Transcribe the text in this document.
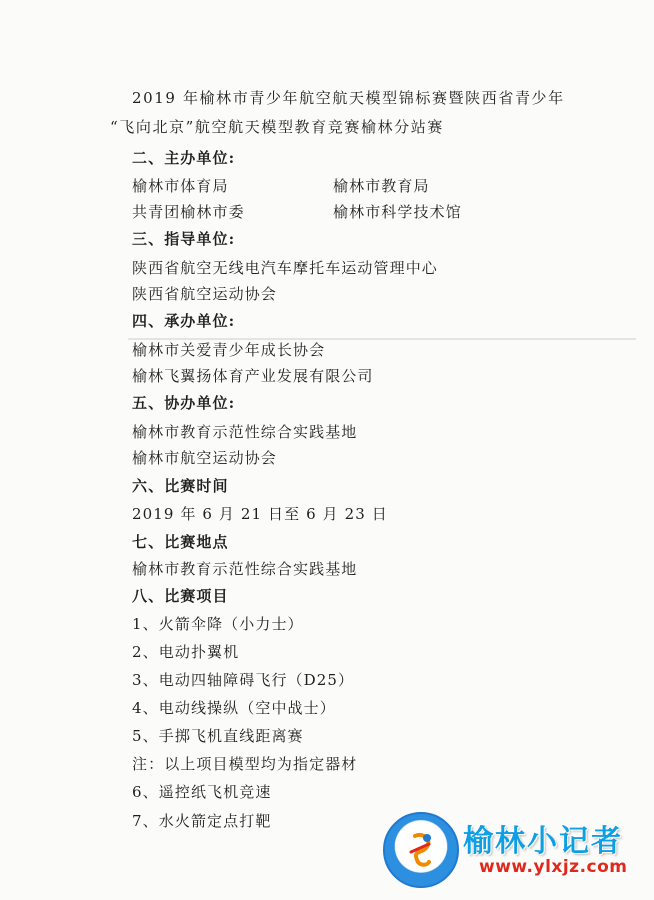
2019 年榆林市青少年航空航天模型锦标赛暨陕西省青少年
“飞向北京”航空航天模型教育竞赛榆林分站赛
二、主办单位:
榆林市体育局	榆林市教育局
共青团榆林市委	榆林市科学技术馆
三、指导单位:
陕西省航空无线电汽车摩托车运动管理中心
陕西省航空运动协会
四、承办单位:
榆林市关爱青少年成长协会
榆林飞翼扬体育产业发展有限公司
五、协办单位:
榆林市教育示范性综合实践基地
榆林市航空运动协会
六、比赛时间
2019 年 6 月 21 日至 6 月 23 日
七、比赛地点
榆林市教育示范性综合实践基地
八、比赛项目
1、火箭伞降（小力士）
2、电动扑翼机
3、电动四轴障碍飞行（D25）
4、电动线操纵（空中战士）
5、手掷飞机直线距离赛
注：以上项目模型均为指定器材
6、遥控纸飞机竞速
7、水火箭定点打靶
榆林小记者
www.ylxjz.com
